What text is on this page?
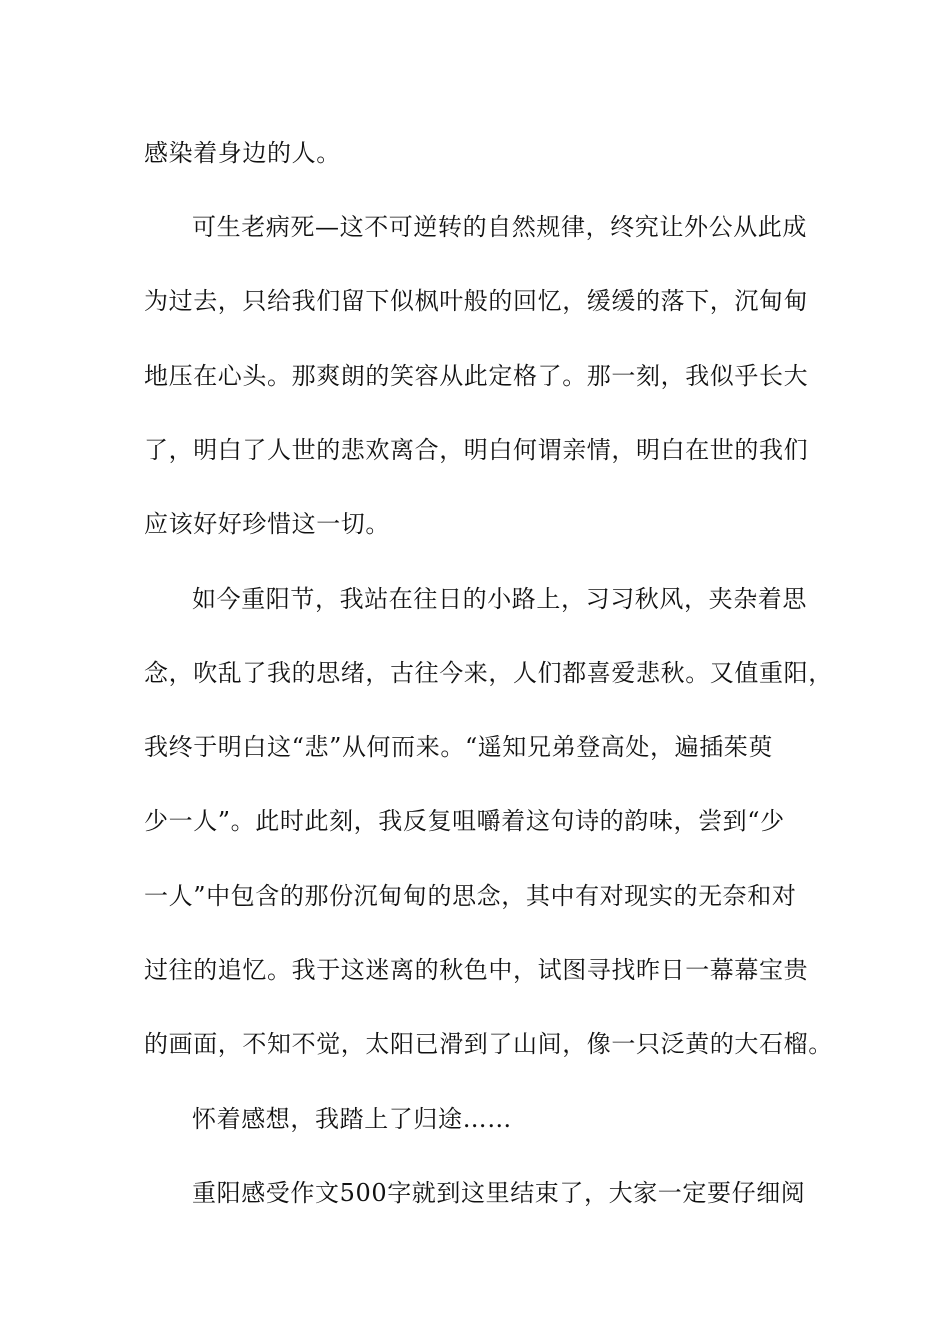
感染着身边的人。
可生老病死—这不可逆转的自然规律，终究让外公从此成
为过去，只给我们留下似枫叶般的回忆，缓缓的落下，沉甸甸
地压在心头。那爽朗的笑容从此定格了。那一刻，我似乎长大
了，明白了人世的悲欢离合，明白何谓亲情，明白在世的我们
应该好好珍惜这一切。
如今重阳节，我站在往日的小路上，习习秋风，夹杂着思
念，吹乱了我的思绪，古往今来，人们都喜爱悲秋。又值重阳，
我终于明白这“悲”从何而来。“遥知兄弟登高处，遍插茱萸
少一人”。此时此刻，我反复咀嚼着这句诗的韵味，尝到“少
一人”中包含的那份沉甸甸的思念，其中有对现实的无奈和对
过往的追忆。我于这迷离的秋色中，试图寻找昨日一幕幕宝贵
的画面，不知不觉，太阳已滑到了山间，像一只泛黄的大石榴。
怀着感想，我踏上了归途……
重阳感受作文500字就到这里结束了，大家一定要仔细阅
